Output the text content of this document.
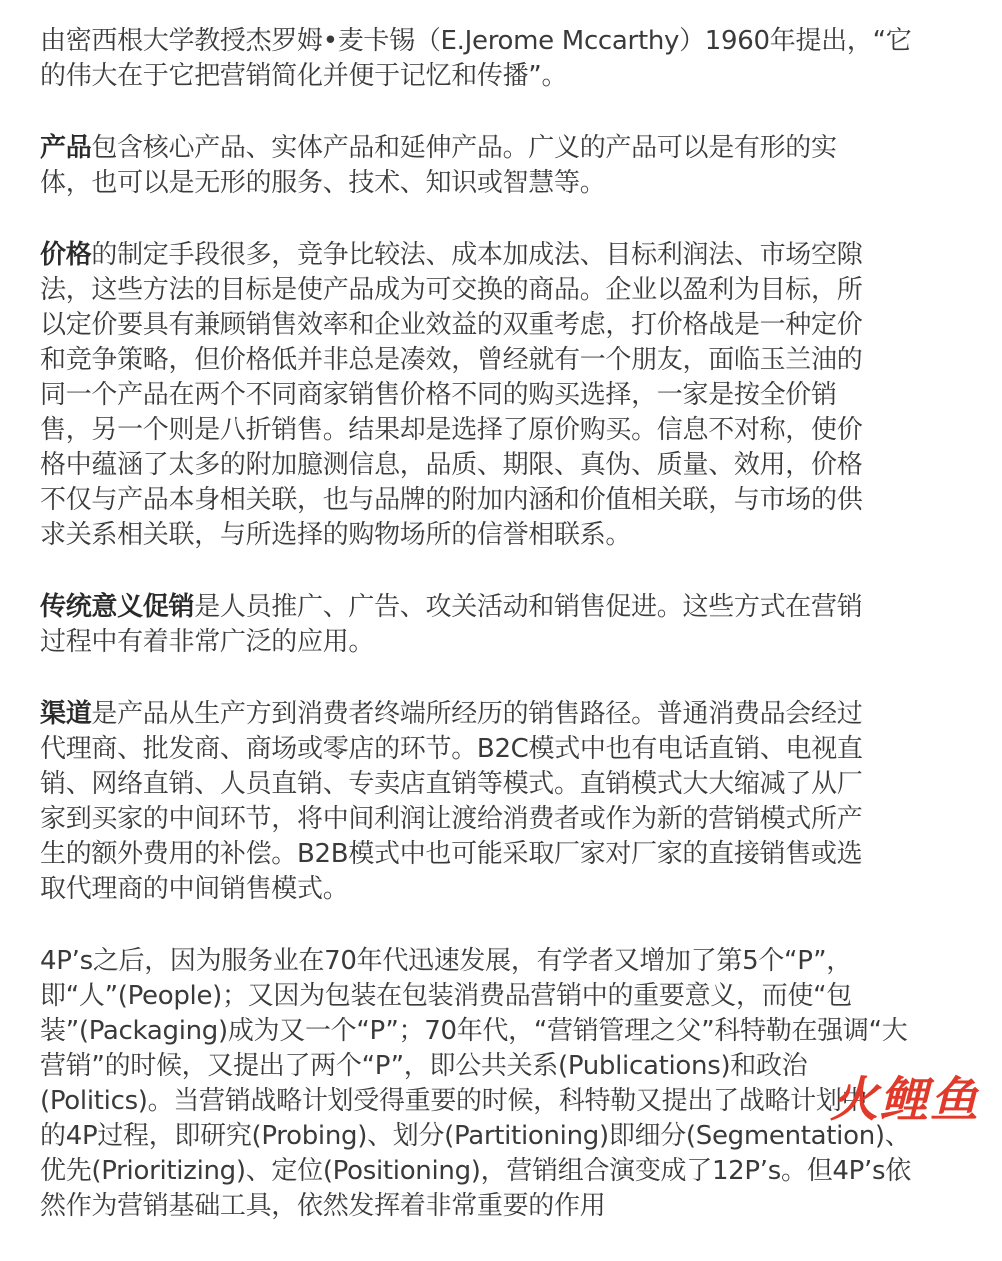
由密西根大学教授杰罗姆•麦卡锡（E.Jerome Mccarthy）1960年提出，“它
的伟大在于它把营销简化并便于记忆和传播”。

产品包含核心产品、实体产品和延伸产品。广义的产品可以是有形的实
体，也可以是无形的服务、技术、知识或智慧等。

价格的制定手段很多，竞争比较法、成本加成法、目标利润法、市场空隙
法，这些方法的目标是使产品成为可交换的商品。企业以盈利为目标，所
以定价要具有兼顾销售效率和企业效益的双重考虑，打价格战是一种定价
和竞争策略，但价格低并非总是凑效，曾经就有一个朋友，面临玉兰油的
同一个产品在两个不同商家销售价格不同的购买选择，一家是按全价销
售，另一个则是八折销售。结果却是选择了原价购买。信息不对称，使价
格中蕴涵了太多的附加臆测信息，品质、期限、真伪、质量、效用，价格
不仅与产品本身相关联，也与品牌的附加内涵和价值相关联，与市场的供
求关系相关联，与所选择的购物场所的信誉相联系。

传统意义促销是人员推广、广告、攻关活动和销售促进。这些方式在营销
过程中有着非常广泛的应用。

渠道是产品从生产方到消费者终端所经历的销售路径。普通消费品会经过
代理商、批发商、商场或零店的环节。B2C模式中也有电话直销、电视直
销、网络直销、人员直销、专卖店直销等模式。直销模式大大缩减了从厂
家到买家的中间环节，将中间利润让渡给消费者或作为新的营销模式所产
生的额外费用的补偿。B2B模式中也可能采取厂家对厂家的直接销售或选
取代理商的中间销售模式。

4P’s之后，因为服务业在70年代迅速发展，有学者又增加了第5个“P”，
即“人”(People)；又因为包装在包装消费品营销中的重要意义，而使“包
装”(Packaging)成为又一个“P”；70年代，“营销管理之父”科特勒在强调“大
营销”的时候，又提出了两个“P”，即公共关系(Publications)和政治
(Politics)。当营销战略计划受得重要的时候，科特勒又提出了战略计划中
的4P过程，即研究(Probing)、划分(Partitioning)即细分(Segmentation)、
优先(Prioritizing)、定位(Positioning)，营销组合演变成了12P’s。但4P’s依
然作为营销基础工具，依然发挥着非常重要的作用

火鲤鱼
